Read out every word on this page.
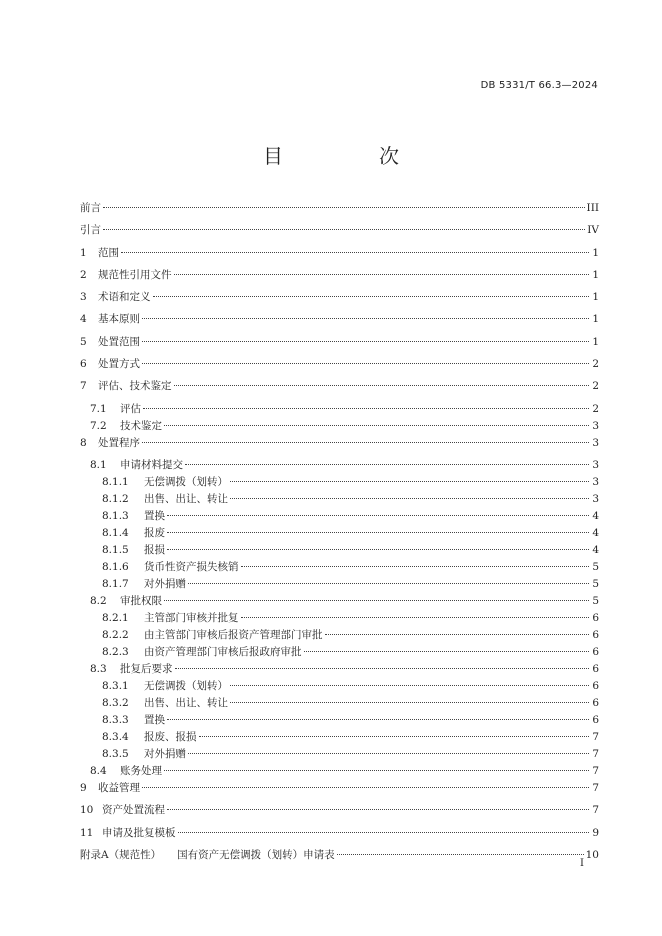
DB 5331/T 66.3—2024
目　次
前言	III
引言	IV
1	范围	1
2	规范性引用文件	1
3	术语和定义	1
4	基本原则	1
5	处置范围	1
6	处置方式	2
7	评估、技术鉴定	2
7.1	评估	2
7.2	技术鉴定	3
8	处置程序	3
8.1	申请材料提交	3
8.1.1	无偿调拨（划转）	3
8.1.2	出售、出让、转让	3
8.1.3	置换	4
8.1.4	报废	4
8.1.5	报损	4
8.1.6	货币性资产损失核销	5
8.1.7	对外捐赠	5
8.2	审批权限	5
8.2.1	主管部门审核并批复	6
8.2.2	由主管部门审核后报资产管理部门审批	6
8.2.3	由资产管理部门审核后报政府审批	6
8.3	批复后要求	6
8.3.1	无偿调拨（划转）	6
8.3.2	出售、出让、转让	6
8.3.3	置换	6
8.3.4	报废、报损	7
8.3.5	对外捐赠	7
8.4	账务处理	7
9	收益管理	7
10 资产处置流程	7
11 申请及批复模板	9
附录A（规范性） 国有资产无偿调拨（划转）申请表	10
I
